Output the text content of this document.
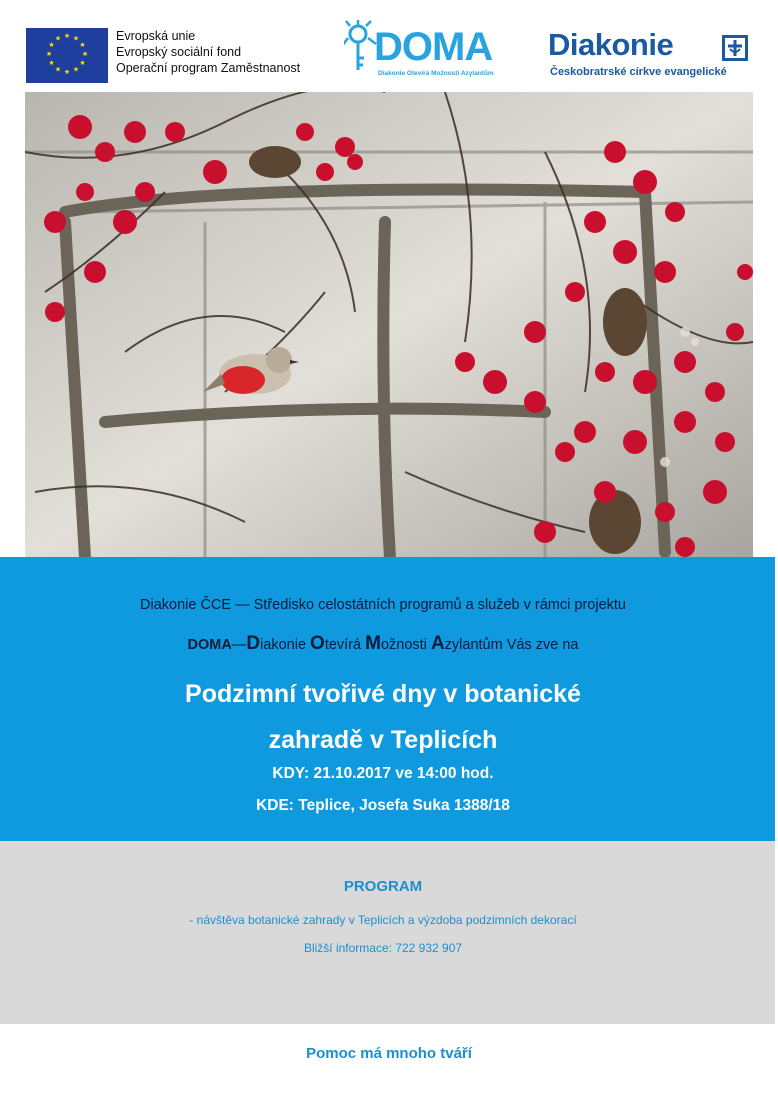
★ ★
★
★
★
★
★
★
★
★
★
★	Evropská unie
Evropský sociální fond
Operační program Zaměstnanost DOMA
Diakonie Otevírá Možnosti Azylantům
Diakonie
Českobratrské církve evangelické
Diakonie ČCE — Středisko celostátních programů a služeb v rámci projektu
DOMA—Diakonie Otevírá Možnosti Azylantům Vás zve na
Podzimní tvořivé dny v botanické
zahradě v Teplicích
KDY: 21.10.2017 ve 14:00 hod.
KDE: Teplice, Josefa Suka 1388/18
PROGRAM
- návštěva botanické zahrady v Teplicích a výzdoba podzimních dekorací
Bližší informace: 722 932 907
Pomoc má mnoho tváří
